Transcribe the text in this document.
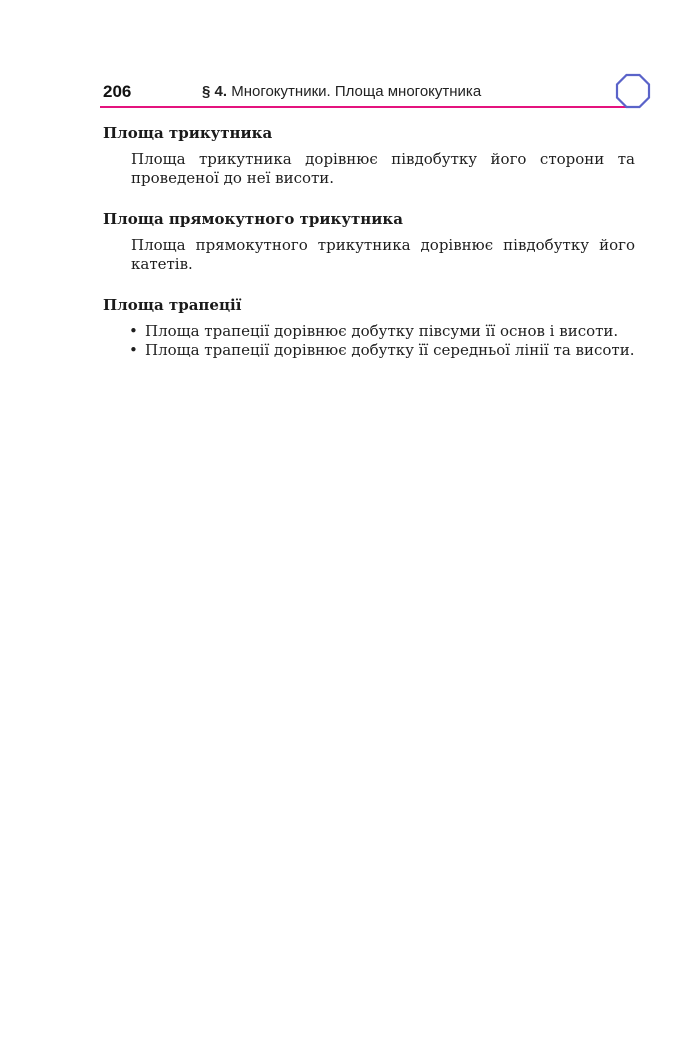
206	§ 4. Многокутники. Площа многокутника
Площа трикутника

Площа трикутника дорівнює півдобутку його сторони та проведеної до неї висоти.

Площа прямокутного трикутника

Площа прямокутного трикутника дорівнює півдобутку його катетів.

Площа трапеції
• Площа трапеції дорівнює добутку півсуми її основ і висоти.
• Площа трапеції дорівнює добутку її середньої лінії та висоти.
